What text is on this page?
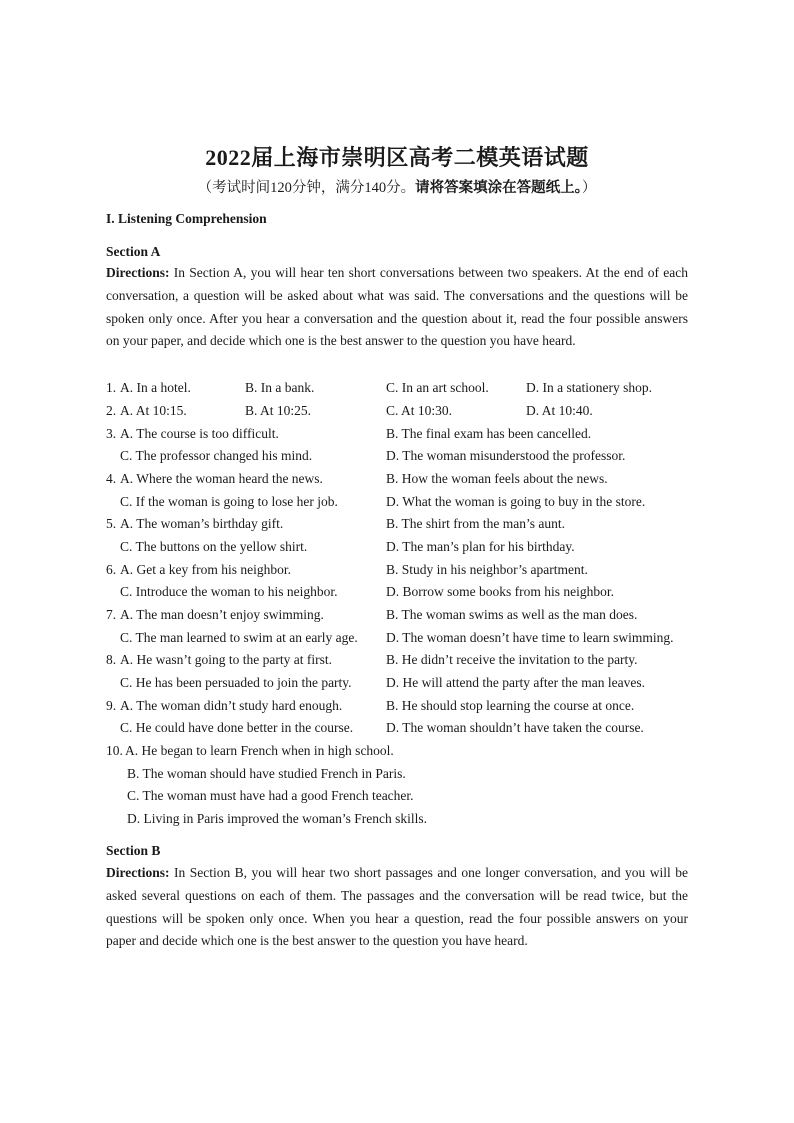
2022届上海市崇明区高考二模英语试题
（考试时间120分钟，满分140分。请将答案填涂在答题纸上。）
I. Listening Comprehension
Section A
Directions: In Section A, you will hear ten short conversations between two speakers. At the end of each conversation, a question will be asked about what was said. The conversations and the questions will be spoken only once. After you hear a conversation and the question about it, read the four possible answers on your paper, and decide which one is the best answer to the question you have heard.
1. A. In a hotel.	B. In a bank.	C. In an art school.	D. In a stationery shop.
2. A. At 10:15.	B. At 10:25.	C. At 10:30.	D. At 10:40.
3. A. The course is too difficult.	B. The final exam has been cancelled.
C. The professor changed his mind.	D. The woman misunderstood the professor.
4. A. Where the woman heard the news.	B. How the woman feels about the news.
C. If the woman is going to lose her job.	D. What the woman is going to buy in the store.
5. A. The woman’s birthday gift.	B. The shirt from the man’s aunt.
C. The buttons on the yellow shirt.	D. The man’s plan for his birthday.
6. A. Get a key from his neighbor.	B. Study in his neighbor’s apartment.
C. Introduce the woman to his neighbor.	D. Borrow some books from his neighbor.
7. A. The man doesn’t enjoy swimming.	B. The woman swims as well as the man does.
C. The man learned to swim at an early age. D. The woman doesn’t have time to learn swimming.
8. A. He wasn’t going to the party at first.	B. He didn’t receive the invitation to the party.
C. He has been persuaded to join the party.	D. He will attend the party after the man leaves.
9. A. The woman didn’t study hard enough.	B. He should stop learning the course at once.
C. He could have done better in the course. D. The woman shouldn’t have taken the course.
10. A. He began to learn French when in high school.
B. The woman should have studied French in Paris.
C. The woman must have had a good French teacher.
D. Living in Paris improved the woman’s French skills.
Section B
Directions: In Section B, you will hear two short passages and one longer conversation, and you will be asked several questions on each of them. The passages and the conversation will be read twice, but the questions will be spoken only once. When you hear a question, read the four possible answers on your paper and decide which one is the best answer to the question you have heard.
